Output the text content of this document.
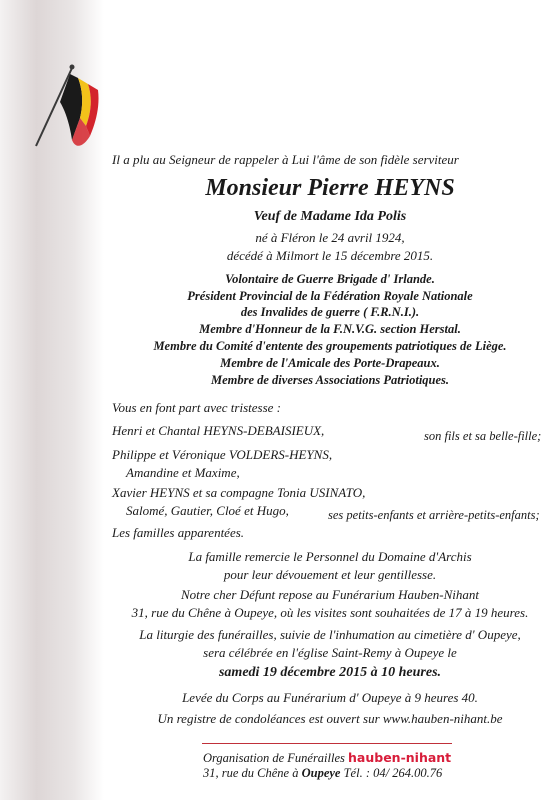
Il a plu au Seigneur de rappeler à Lui l'âme de son fidèle serviteur
Monsieur Pierre HEYNS
Veuf de Madame Ida Polis
né à Fléron le 24 avril 1924,
décédé à Milmort le 15 décembre 2015.
Volontaire de Guerre Brigade d' Irlande.
Président Provincial de la Fédération Royale Nationale
des Invalides de guerre ( F.R.N.I.).
Membre d'Honneur de la F.N.V.G. section Herstal.
Membre du Comité d'entente des groupements patriotiques de Liège.
Membre de l'Amicale des Porte-Drapeaux.
Membre de diverses Associations Patriotiques.
Vous en font part avec tristesse :
Henri et Chantal HEYNS-DEBAISIEUX,	son fils et sa belle-fille;
Philippe et Véronique VOLDERS-HEYNS,
Amandine et Maxime,
Xavier HEYNS et sa compagne Tonia USINATO,
Salomé, Gautier, Cloé et Hugo,	ses petits-enfants et arrière-petits-enfants;
Les familles apparentées.
La famille remercie le Personnel du Domaine d'Archis
pour leur dévouement et leur gentillesse.
Notre cher Défunt repose au Funérarium Hauben-Nihant
31, rue du Chêne à Oupeye, où les visites sont souhaitées de 17 à 19 heures.
La liturgie des funérailles, suivie de l'inhumation au cimetière d' Oupeye,
sera célébrée en l'église Saint-Remy à Oupeye le
samedi 19 décembre 2015 à 10 heures.
Levée du Corps au Funérarium d' Oupeye à 9 heures 40.
Un registre de condoléances est ouvert sur www.hauben-nihant.be
Organisation de Funérailles hauben-nihant
31, rue du Chêne à Oupeye Tél. : 04/ 264.00.76
